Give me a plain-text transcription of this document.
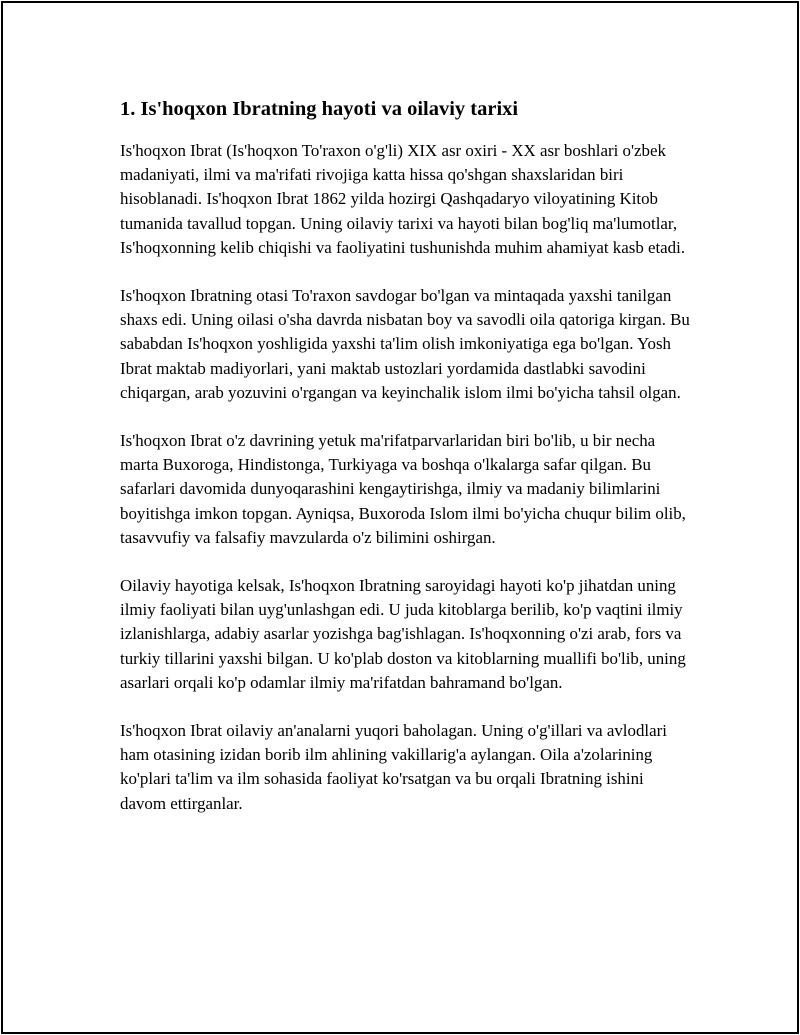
1. Is'hoqxon Ibratning hayoti va oilaviy tarixi

Is'hoqxon Ibrat (Is'hoqxon To'raxon o'g'li) XIX asr oxiri - XX asr boshlari o'zbek madaniyati, ilmi va ma'rifati rivojiga katta hissa qo'shgan shaxslaridan biri hisoblanadi. Is'hoqxon Ibrat 1862 yilda hozirgi Qashqadaryo viloyatining Kitob tumanida tavallud topgan. Uning oilaviy tarixi va hayoti bilan bog'liq ma'lumotlar, Is'hoqxonning kelib chiqishi va faoliyatini tushunishda muhim ahamiyat kasb etadi.

Is'hoqxon Ibratning otasi To'raxon savdogar bo'lgan va mintaqada yaxshi tanilgan shaxs edi. Uning oilasi o'sha davrda nisbatan boy va savodli oila qatoriga kirgan. Bu sababdan Is'hoqxon yoshligida yaxshi ta'lim olish imkoniyatiga ega bo'lgan. Yosh Ibrat maktab madiyorlari, yani maktab ustozlari yordamida dastlabki savodini chiqargan, arab yozuvini o'rgangan va keyinchalik islom ilmi bo'yicha tahsil olgan.

Is'hoqxon Ibrat o'z davrining yetuk ma'rifatparvarlaridan biri bo'lib, u bir necha marta Buxoroga, Hindistonga, Turkiyaga va boshqa o'lkalarga safar qilgan. Bu safarlari davomida dunyoqarashini kengaytirishga, ilmiy va madaniy bilimlarini boyitishga imkon topgan. Ayniqsa, Buxoroda Islom ilmi bo'yicha chuqur bilim olib, tasavvufiy va falsafiy mavzularda o'z bilimini oshirgan.

Oilaviy hayotiga kelsak, Is'hoqxon Ibratning saroyidagi hayoti ko'p jihatdan uning ilmiy faoliyati bilan uyg'unlashgan edi. U juda kitoblarga berilib, ko'p vaqtini ilmiy izlanishlarga, adabiy asarlar yozishga bag'ishlagan. Is'hoqxonning o'zi arab, fors va turkiy tillarini yaxshi bilgan. U ko'plab doston va kitoblarning muallifi bo'lib, uning asarlari orqali ko'p odamlar ilmiy ma'rifatdan bahramand bo'lgan.

Is'hoqxon Ibrat oilaviy an'analarni yuqori baholagan. Uning o'g'illari va avlodlari ham otasining izidan borib ilm ahlining vakillarig'a aylangan. Oila a'zolarining ko'plari ta'lim va ilm sohasida faoliyat ko'rsatgan va bu orqali Ibratning ishini davom ettirganlar.
